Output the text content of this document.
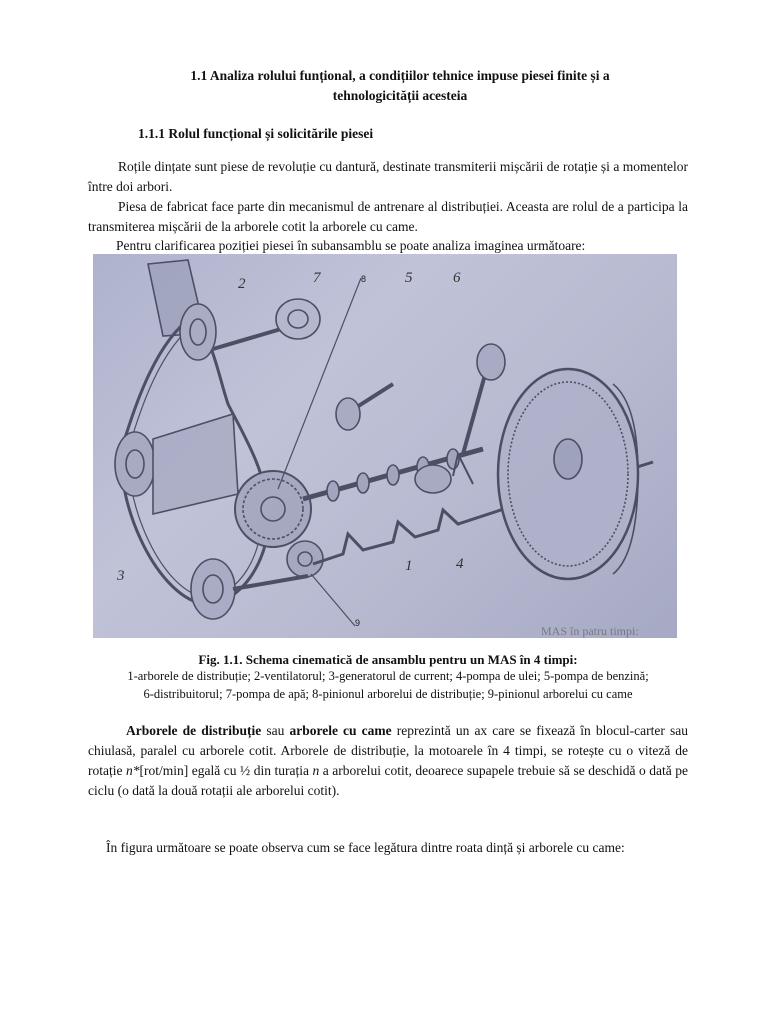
1.1 Analiza rolului funțional, a condițiilor tehnice impuse piesei finite și a
tehnologicității acesteia
1.1.1 Rolul funcțional și solicitările piesei
Roțile dințate sunt piese de revoluție cu dantură, destinate transmiterii mișcării de rotație și a momentelor între doi arbori.
Piesa de fabricat face parte din mecanismul de antrenare al distribuției. Aceasta are rolul de a participa la transmiterea mișcării de la arborele cotit la arborele cu came.
Pentru clarificarea poziției piesei în subansamblu se poate analiza imaginea următoare:
8
2	7	5	6
3
1	4
9
MAS în patru timpi:
Fig. 1.1. Schema cinematică de ansamblu pentru un MAS în 4 timpi:
1-arborele de distribuție; 2-ventilatorul; 3-generatorul de current; 4-pompa de ulei; 5-pompa de benzină;
6-distribuitorul; 7-pompa de apă; 8-pinionul arborelui de distribuție; 9-pinionul arborelui cu came
Arborele de distribuție sau arborele cu came reprezintă un ax care se fixează în blocul-carter sau chiulasă, paralel cu arborele cotit. Arborele de distribuție, la motoarele în 4 timpi, se rotește cu o viteză de rotație n*[rot/min] egală cu ½ din turația n a arborelui cotit, deoarece supapele trebuie să se deschidă o dată pe ciclu (o dată la două rotații ale arborelui cotit).
În figura următoare se poate observa cum se face legătura dintre roata dință și arborele cu came:
